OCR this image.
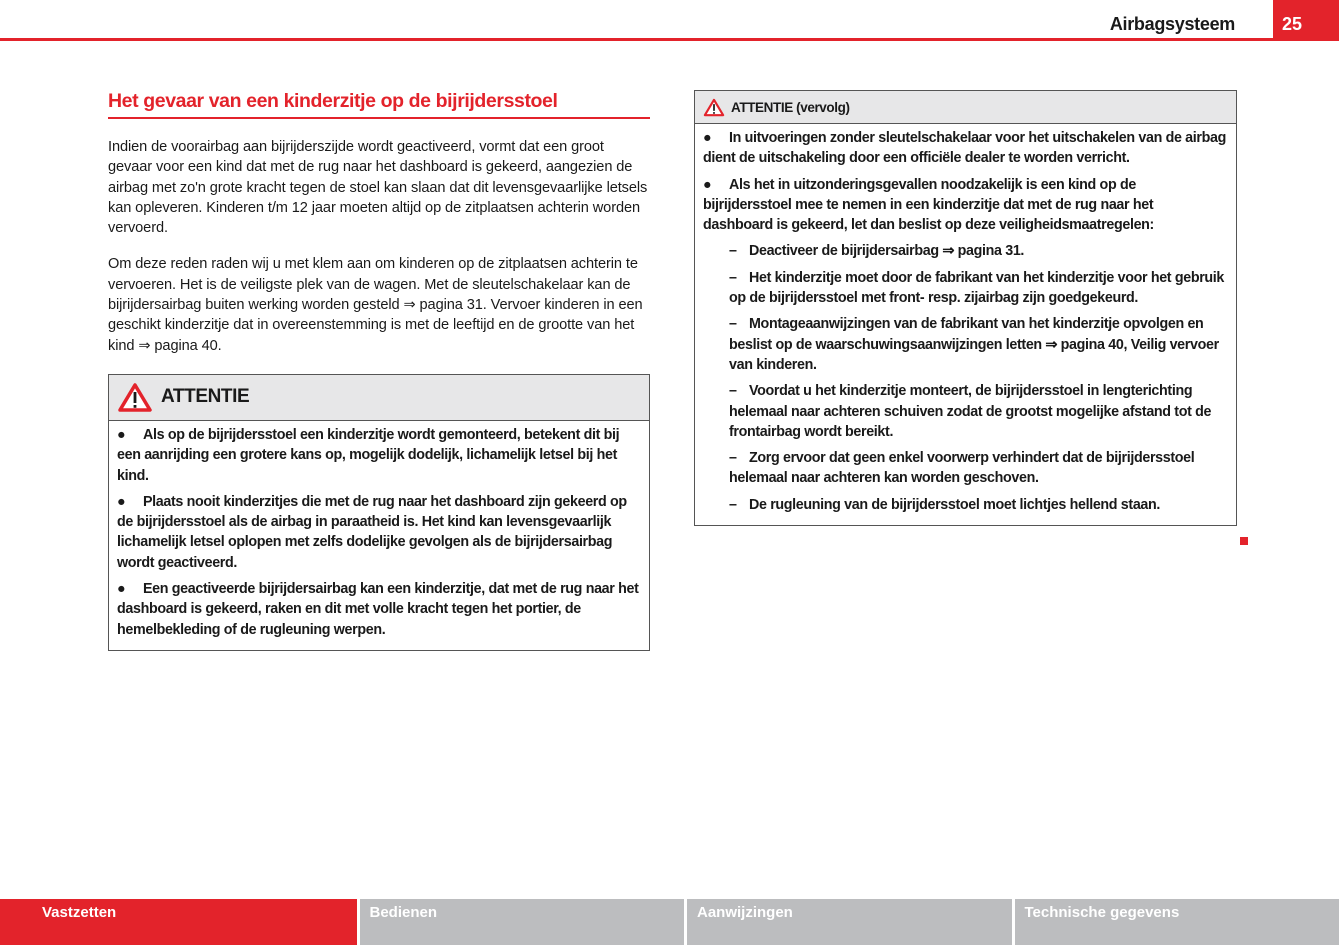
Airbagsysteem	25
Het gevaar van een kinderzitje op de bijrijdersstoel

Indien de voorairbag aan bijrijderszijde wordt geactiveerd, vormt dat een groot gevaar voor een kind dat met de rug naar het dashboard is gekeerd, aangezien de airbag met zo'n grote kracht tegen de stoel kan slaan dat dit levensgevaarlijke letsels kan opleveren. Kinderen t/m 12 jaar moeten altijd op de zitplaatsen achterin worden vervoerd.

Om deze reden raden wij u met klem aan om kinderen op de zitplaatsen achterin te vervoeren. Het is de veiligste plek van de wagen. Met de sleutelschakelaar kan de bijrijdersairbag buiten werking worden gesteld ⇒ pagina 31. Vervoer kinderen in een geschikt kinderzitje dat in overeenstemming is met de leeftijd en de grootte van het kind ⇒ pagina 40.

ATTENTIE
● Als op de bijrijdersstoel een kinderzitje wordt gemonteerd, betekent dit bij een aanrijding een grotere kans op, mogelijk dodelijk, lichamelijk letsel bij het kind.
● Plaats nooit kinderzitjes die met de rug naar het dashboard zijn gekeerd op de bijrijdersstoel als de airbag in paraatheid is. Het kind kan levensgevaarlijk lichamelijk letsel oplopen met zelfs dodelijke gevolgen als de bijrijdersairbag wordt geactiveerd.
● Een geactiveerde bijrijdersairbag kan een kinderzitje, dat met de rug naar het dashboard is gekeerd, raken en dit met volle kracht tegen het portier, de hemelbekleding of de rugleuning werpen.
ATTENTIE (vervolg)
● In uitvoeringen zonder sleutelschakelaar voor het uitschakelen van de airbag dient de uitschakeling door een officiële dealer te worden verricht.
● Als het in uitzonderingsgevallen noodzakelijk is een kind op de bijrijdersstoel mee te nemen in een kinderzitje dat met de rug naar het dashboard is gekeerd, let dan beslist op deze veiligheidsmaatregelen:
– Deactiveer de bijrijdersairbag ⇒ pagina 31.
– Het kinderzitje moet door de fabrikant van het kinderzitje voor het gebruik op de bijrijdersstoel met front- resp. zijairbag zijn goedgekeurd.
– Montageaanwijzingen van de fabrikant van het kinderzitje opvolgen en beslist op de waarschuwingsaanwijzingen letten ⇒ pagina 40, Veilig vervoer van kinderen.
– Voordat u het kinderzitje monteert, de bijrijdersstoel in lengterichting helemaal naar achteren schuiven zodat de grootst mogelijke afstand tot de frontairbag wordt bereikt.
– Zorg ervoor dat geen enkel voorwerp verhindert dat de bijrijdersstoel helemaal naar achteren kan worden geschoven.
– De rugleuning van de bijrijdersstoel moet lichtjes hellend staan.
Vastzetten	Bedienen	Aanwijzingen	Technische gegevens
